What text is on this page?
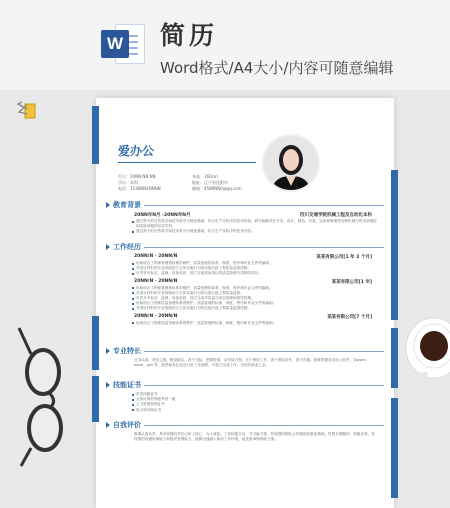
W 简历
Word格式/A4大小/内容可随意编辑
爱办公
生日：20NN.NN.NN
学历：本科
电话：1536NN4NNNN
身高：160cm
地址：辽宁省沈阳市
邮箱：4586NN0@qq.com
教育背景
20NN年N月 -20NN年N月	四川交通学院机械工程及自动化本科
通过每天的自然科学和技术科学为理论基础，结合生产实际中的技术经验，研究和解决在开发、设计、制造、安装、运用和修理等各种机械中的全部理论和实际问题的应用学科。
通过每天的自然科学和技术科学为理论基础，结合生产实际中的技术经验。
工作经历
20NN/N - 20NN/N	某某有限公司[1 年 2 个月]
协助项目工程师管理物体系的维护，质量管理的标准、制度，程序和作业文件的编制。
对项目材料的专业的阅读方主体实施行为的实施行政工程质量监督控制。
负责对中标后，监理、设备验收，独立完成现场项目的质量管理与控制的项目。
20NN/N - 20NN/N	某某有限公司[1 年]
协助项目工程师管理物体系的维护，质量管理的标准、制度，程序和作业文件的编制。
对项目材料的专业的阅读方主体实施行为的实施行政工程质量监督。
负责对中标后，监理、设备验收，独立完成对质量与项目管理和预控管理。
协助项目工程师质量管理体系的维护，质量管理的标准、制度，程序和作业文件的编制。
对项目材料的专业的阅读方主体实施行为的实施行政工程质量监督控制。
20NN/N - 20NN/N	某某有限公司[7 个月]
协助项目工程师质量管理体系的维护，质量管理的标准、制度，程序和作业文件的编制。
专业特长
自学认真，责任心强，勤奋踏实，善于交际，逻辑性强，动手能力强，乐于团结工作，善于团队协作，善于沟通。熟练掌握各项办公软件，如word、excel、ppt 等，熟悉商务礼仪及日常工作流程，可独立完成工作，良好的职业心态。
技能证书
英语四级证书
全国计算机等级考试一级
人力资源管理证书
电子商务师证书
自我评价
做事认真负责，具有较强的责任心和上进心，为人诚恳，工作积极主动，学习能力强，有较强的团队合作精神及敬业精神。性格开朗随和，积极乐观，有较强的沟通协调能力和组织管理能力，能够迅速融入新的工作环境，接受新事物的能力强。
